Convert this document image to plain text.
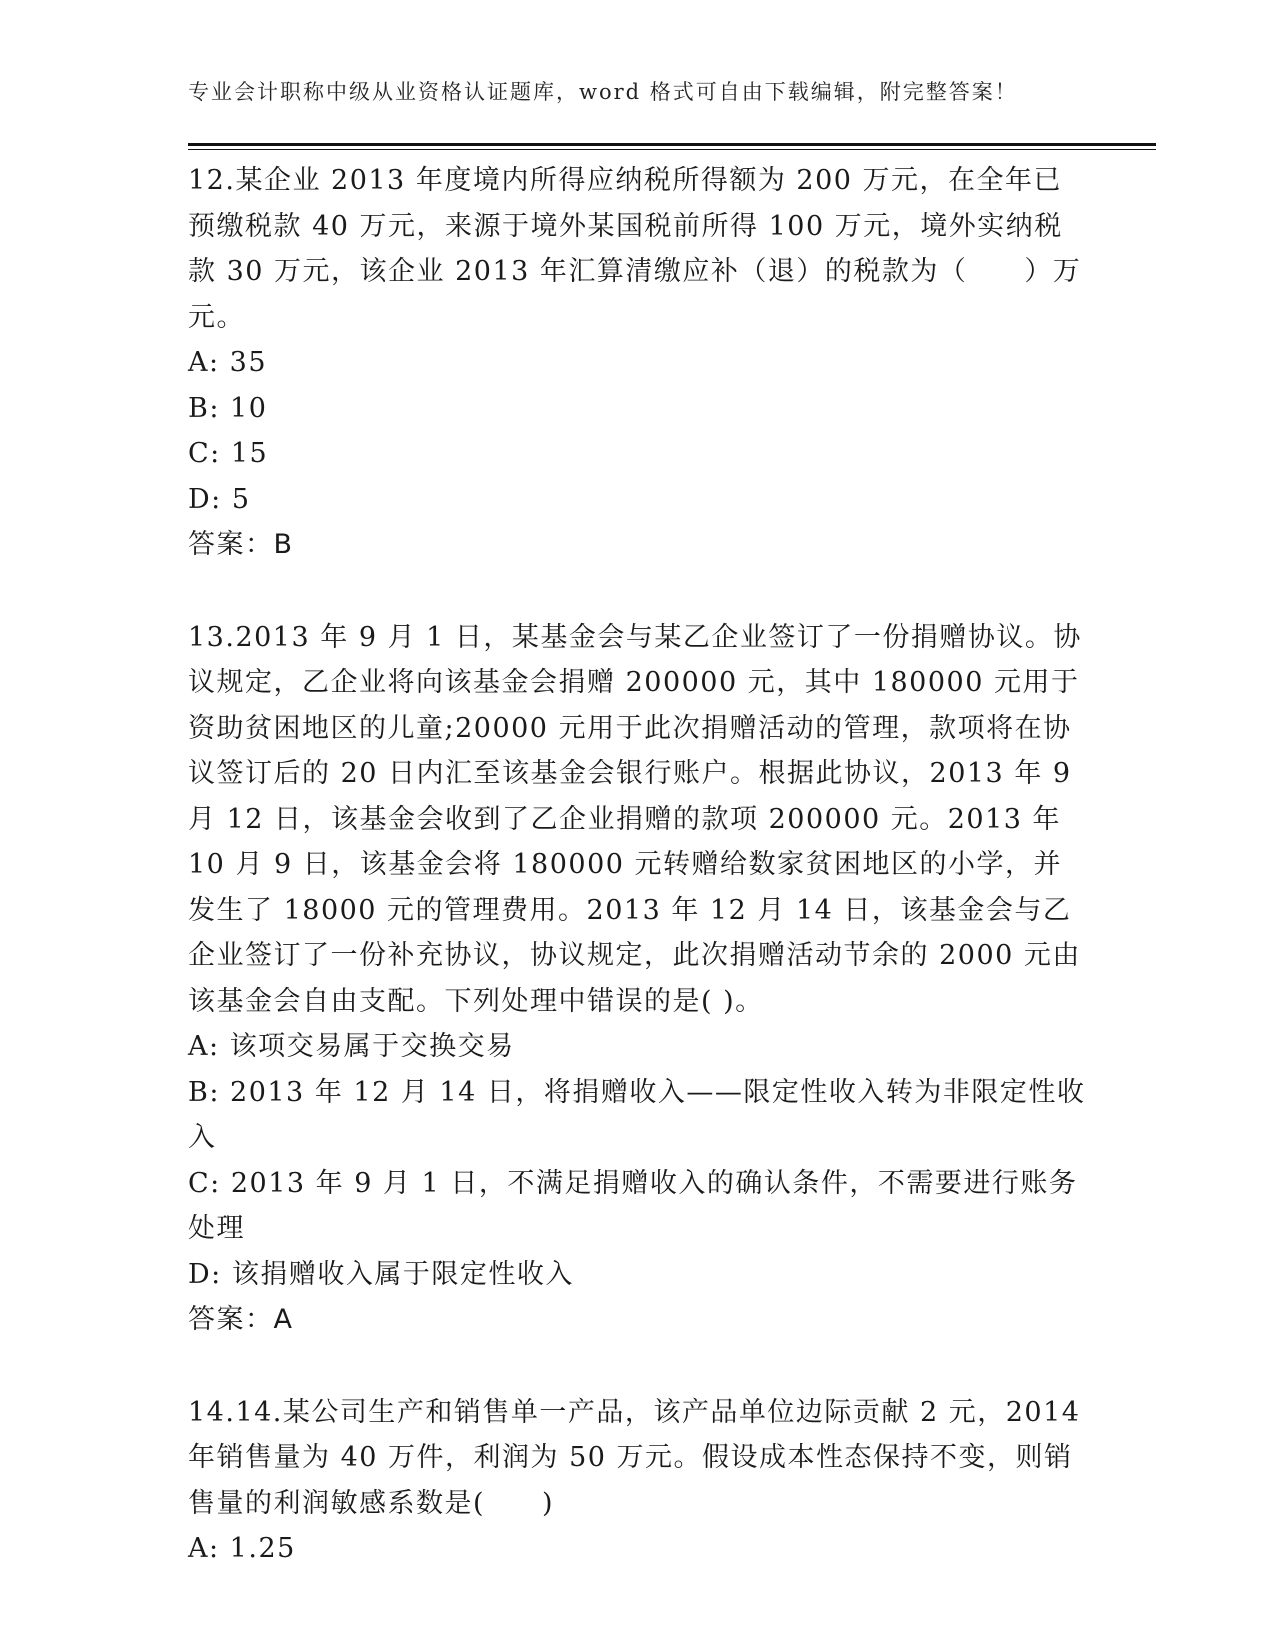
专业会计职称中级从业资格认证题库，word 格式可自由下载编辑，附完整答案！

12.某企业 2013 年度境内所得应纳税所得额为 200 万元，在全年已预缴税款 40 万元，来源于境外某国税前所得 100 万元，境外实纳税款 30 万元，该企业 2013 年汇算清缴应补（退）的税款为（　　）万元。

A: 35

B: 10

C: 15

D: 5

答案：B

13.2013 年 9 月 1 日，某基金会与某乙企业签订了一份捐赠协议。协议规定，乙企业将向该基金会捐赠 200000 元，其中 180000 元用于资助贫困地区的儿童;20000 元用于此次捐赠活动的管理，款项将在协议签订后的 20 日内汇至该基金会银行账户。根据此协议，2013 年 9 月 12 日，该基金会收到了乙企业捐赠的款项 200000 元。2013 年 10 月 9 日，该基金会将 180000 元转赠给数家贫困地区的小学，并发生了 18000 元的管理费用。2013 年 12 月 14 日，该基金会与乙企业签订了一份补充协议，协议规定，此次捐赠活动节余的 2000 元由该基金会自由支配。下列处理中错误的是( )。

A: 该项交易属于交换交易

B: 2013 年 12 月 14 日，将捐赠收入——限定性收入转为非限定性收入

C: 2013 年 9 月 1 日，不满足捐赠收入的确认条件，不需要进行账务处理

D: 该捐赠收入属于限定性收入

答案：A

14.14.某公司生产和销售单一产品，该产品单位边际贡献 2 元，2014 年销售量为 40 万件，利润为 50 万元。假设成本性态保持不变，则销售量的利润敏感系数是(　　)

A: 1.25
